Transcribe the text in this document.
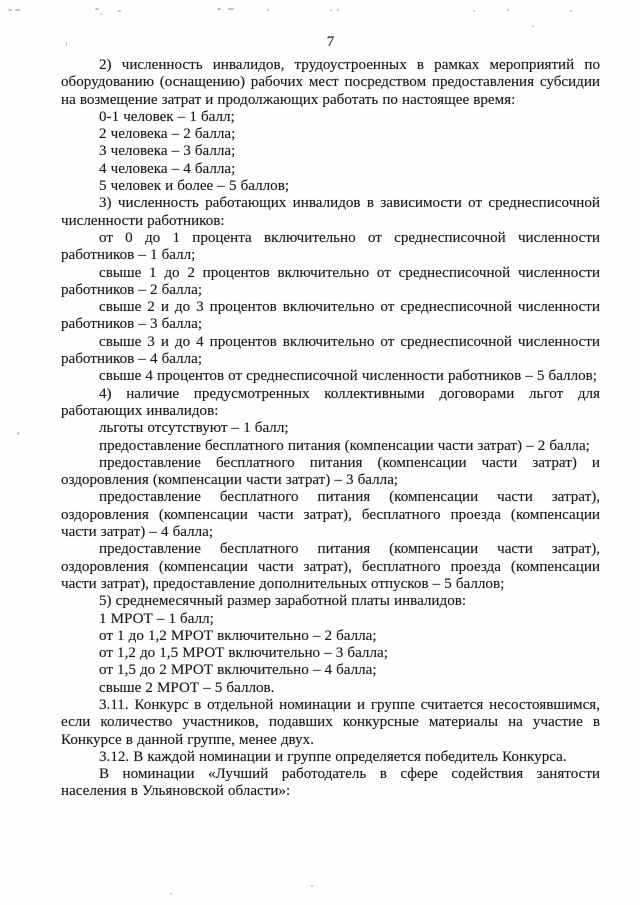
7

2) численность инвалидов, трудоустроенных в рамках мероприятий по оборудованию (оснащению) рабочих мест посредством предоставления субсидии на возмещение затрат и продолжающих работать по настоящее время:

0-1 человек – 1 балл;

2 человека – 2 балла;

3 человека – 3 балла;

4 человека – 4 балла;

5 человек и более – 5 баллов;

3) численность работающих инвалидов в зависимости от среднесписочной численности работников:

от 0 до 1 процента включительно от среднесписочной численности работников – 1 балл;

свыше 1 до 2 процентов включительно от среднесписочной численности работников – 2 балла;

свыше 2 и до 3 процентов включительно от среднесписочной численности работников – 3 балла;

свыше 3 и до 4 процентов включительно от среднесписочной численности работников – 4 балла;

свыше 4 процентов от среднесписочной численности работников – 5 баллов;

4) наличие предусмотренных коллективными договорами льгот для работающих инвалидов:

льготы отсутствуют – 1 балл;

предоставление бесплатного питания (компенсации части затрат) – 2 балла;

предоставление бесплатного питания (компенсации части затрат) и оздоровления (компенсации части затрат) – 3 балла;

предоставление бесплатного питания (компенсации части затрат), оздоровления (компенсации части затрат), бесплатного проезда (компенсации части затрат) – 4 балла;

предоставление бесплатного питания (компенсации части затрат), оздоровления (компенсации части затрат), бесплатного проезда (компенсации части затрат), предоставление дополнительных отпусков – 5 баллов;

5) среднемесячный размер заработной платы инвалидов:

1 МРОТ – 1 балл;

от 1 до 1,2 МРОТ включительно – 2 балла;

от 1,2 до 1,5 МРОТ включительно – 3 балла;

от 1,5 до 2 МРОТ включительно – 4 балла;

свыше 2 МРОТ – 5 баллов.

3.11. Конкурс в отдельной номинации и группе считается несостоявшимся, если количество участников, подавших конкурсные материалы на участие в Конкурсе в данной группе, менее двух.

3.12. В каждой номинации и группе определяется победитель Конкурса.

В номинации «Лучший работодатель в сфере содействия занятости населения в Ульяновской области»:
